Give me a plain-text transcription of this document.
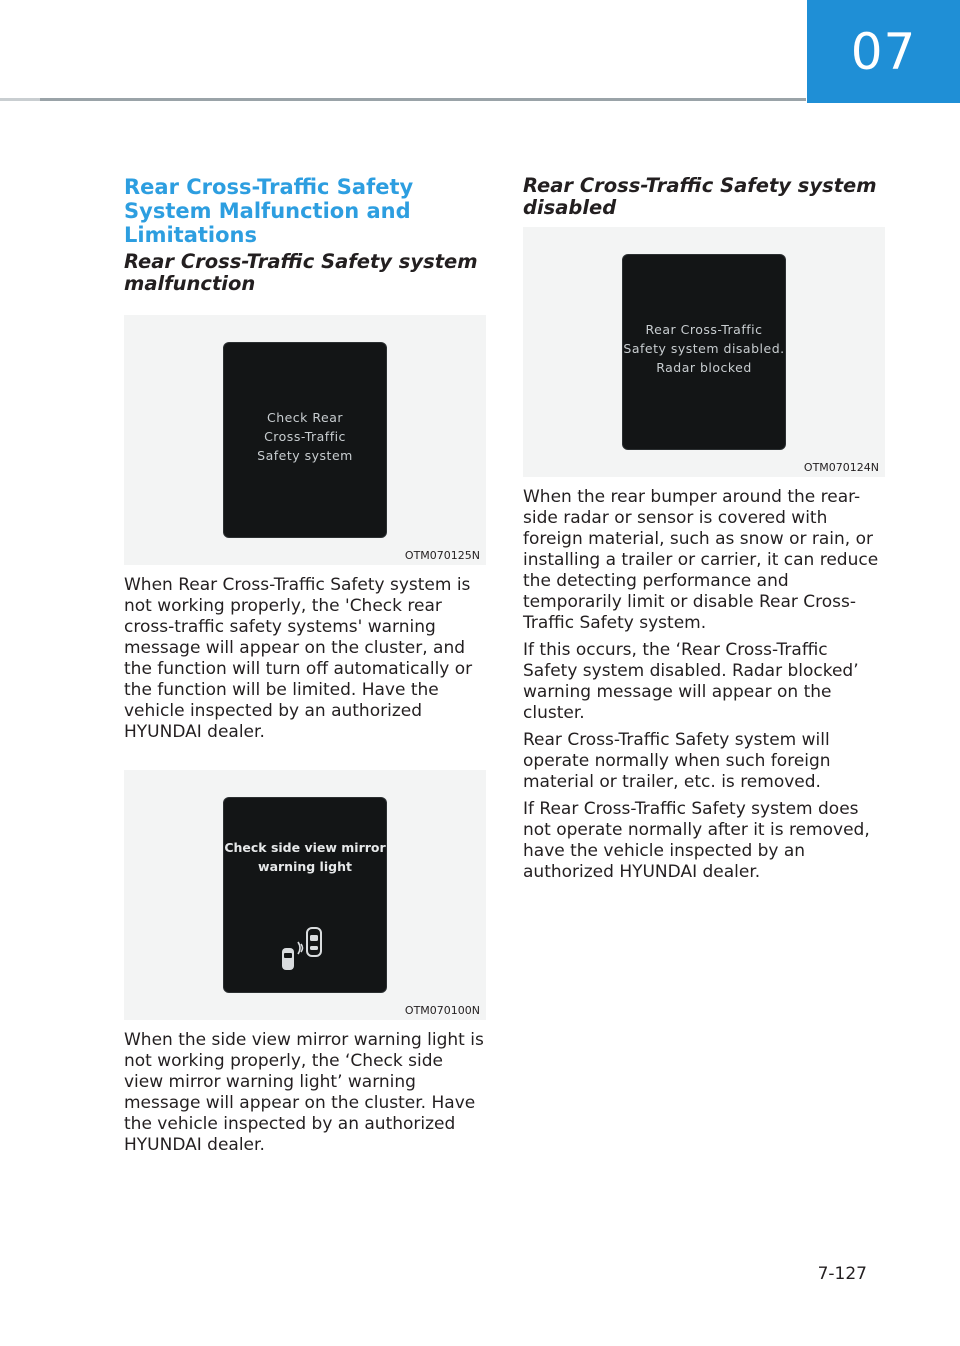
07
Rear Cross-Traffic Safety System Malfunction and Limitations
Rear Cross-Traffic Safety system malfunction
Check Rear
Cross-Traffic
Safety system
OTM070125N

When Rear Cross-Traffic Safety system is not working properly, the 'Check rear cross-traffic safety systems' warning message will appear on the cluster, and the function will turn off automatically or the function will be limited. Have the vehicle inspected by an authorized HYUNDAI dealer.

Check side view mirror
warning light
OTM070100N

When the side view mirror warning light is not working properly, the ‘Check side view mirror warning light’ warning message will appear on the cluster. Have the vehicle inspected by an authorized HYUNDAI dealer.

Rear Cross-Traffic Safety system disabled
Rear Cross-Traffic
Safety system disabled.
Radar blocked
OTM070124N

When the rear bumper around the rear-side radar or sensor is covered with foreign material, such as snow or rain, or installing a trailer or carrier, it can reduce the detecting performance and temporarily limit or disable Rear Cross-Traffic Safety system.

If this occurs, the ‘Rear Cross-Traffic Safety system disabled. Radar blocked’ warning message will appear on the cluster.

Rear Cross-Traffic Safety system will operate normally when such foreign material or trailer, etc. is removed.

If Rear Cross-Traffic Safety system does not operate normally after it is removed, have the vehicle inspected by an authorized HYUNDAI dealer.

7-127
